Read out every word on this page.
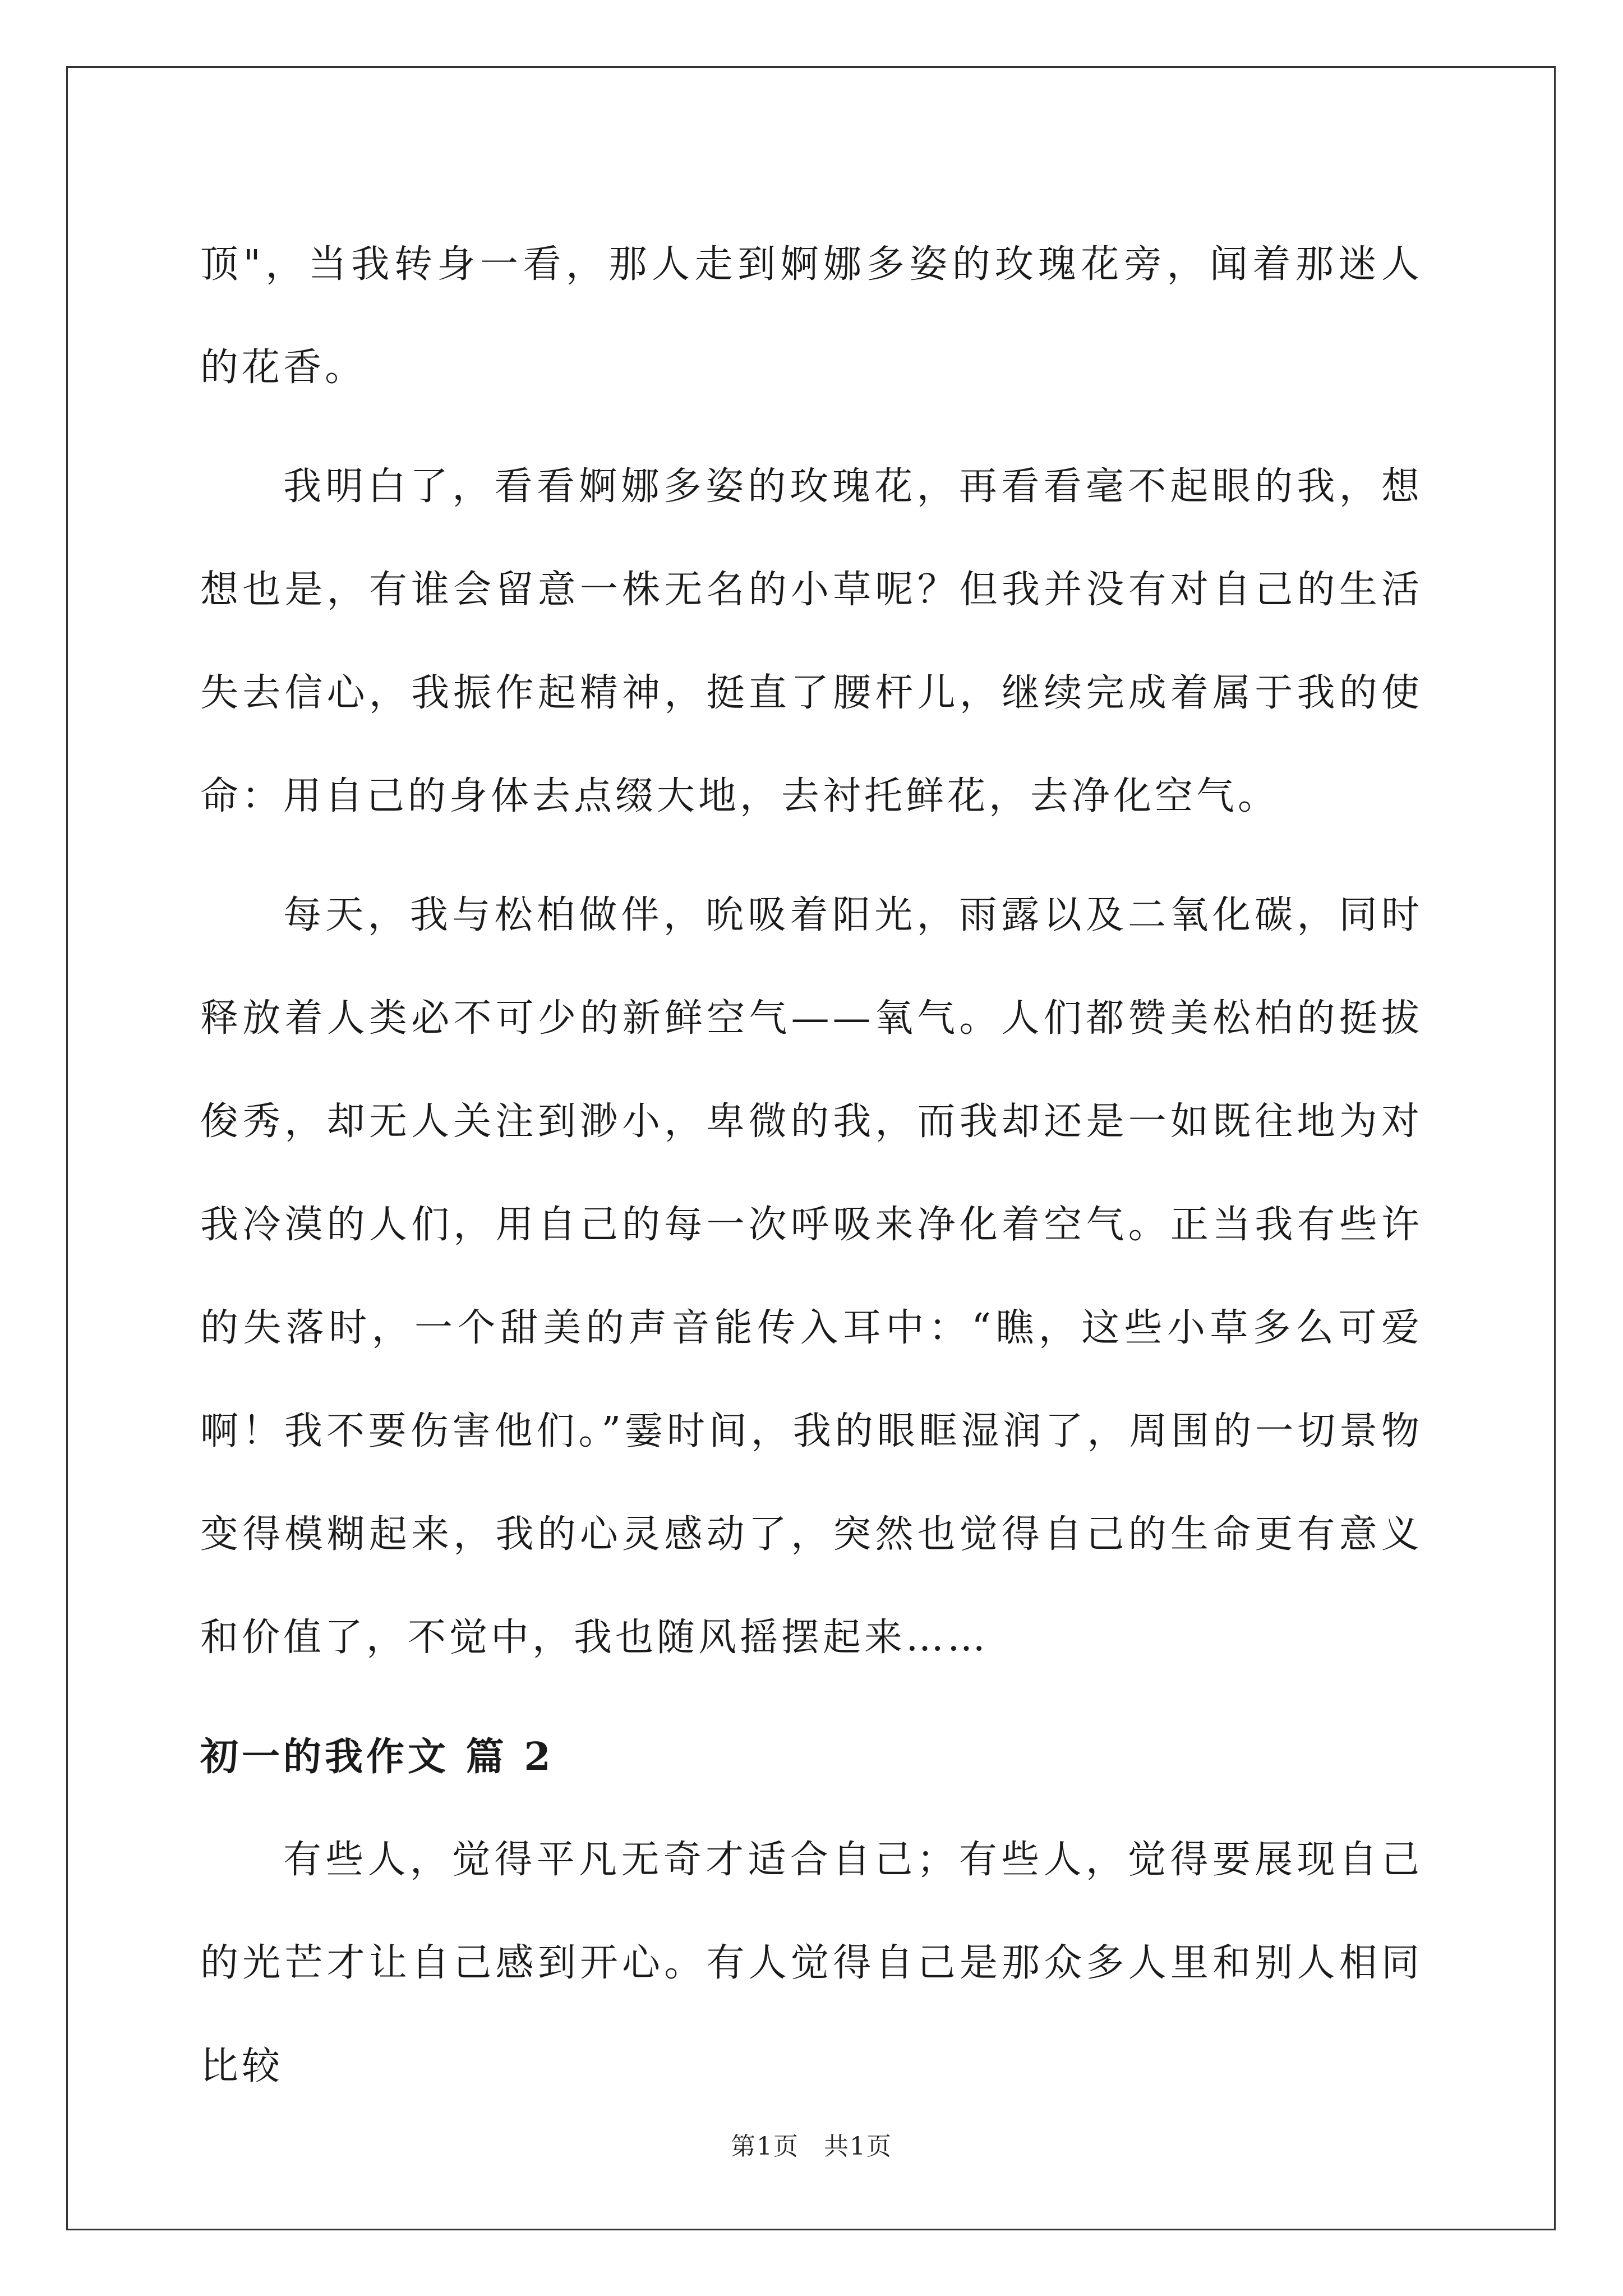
顶"，当我转身一看，那人走到婀娜多姿的玫瑰花旁，闻着那迷人的花香。

我明白了，看看婀娜多姿的玫瑰花，再看看毫不起眼的我，想想也是，有谁会留意一株无名的小草呢？但我并没有对自己的生活失去信心，我振作起精神，挺直了腰杆儿，继续完成着属于我的使命：用自己的身体去点缀大地，去衬托鲜花，去净化空气。

每天，我与松柏做伴，吮吸着阳光，雨露以及二氧化碳，同时释放着人类必不可少的新鲜空气——氧气。人们都赞美松柏的挺拔俊秀，却无人关注到渺小，卑微的我，而我却还是一如既往地为对我冷漠的人们，用自己的每一次呼吸来净化着空气。正当我有些许的失落时，一个甜美的声音能传入耳中：“瞧，这些小草多么可爱啊！我不要伤害他们。”霎时间，我的眼眶湿润了，周围的一切景物变得模糊起来，我的心灵感动了，突然也觉得自己的生命更有意义和价值了，不觉中，我也随风摇摆起来……

初一的我作文 篇 2

有些人，觉得平凡无奇才适合自己；有些人，觉得要展现自己的光芒才让自己感到开心。有人觉得自己是那众多人里和别人相同比较

第1页 共1页
